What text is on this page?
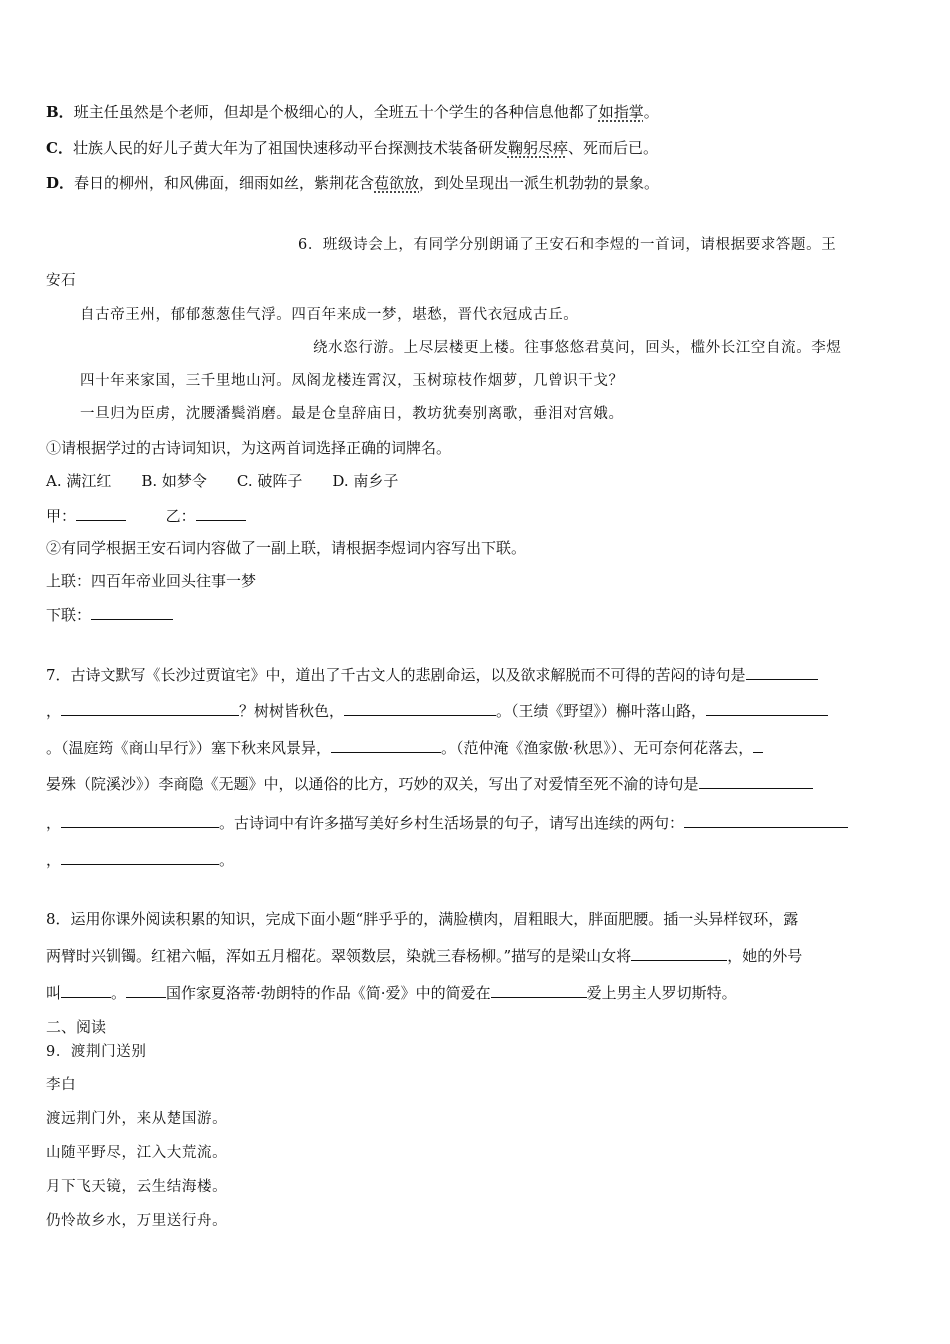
B．班主任虽然是个老师，但却是个极细心的人，全班五十个学生的各种信息他都了如指掌。
C．壮族人民的好儿子黄大年为了祖国快速移动平台探测技术装备研发鞠躬尽瘁、死而后已。
D．春日的柳州，和风佛面，细雨如丝，紫荆花含苞欲放，到处呈现出一派生机勃勃的景象。
6．班级诗会上，有同学分别朗诵了王安石和李煜的一首词，请根据要求答题。王
安石
自古帝王州，郁郁葱葱佳气浮。四百年来成一梦，堪愁，晋代衣冠成古丘。
绕水恣行游。上尽层楼更上楼。往事悠悠君莫问，回头，槛外长江空自流。李煜
四十年来家国，三千里地山河。凤阁龙楼连霄汉，玉树琼枝作烟萝，几曾识干戈？
一旦归为臣虏，沈腰潘鬓消磨。最是仓皇辞庙日，教坊犹奏别离歌，垂泪对宫娥。
①请根据学过的古诗词知识，为这两首词选择正确的词牌名。
A. 满江红　　B. 如梦令　　C. 破阵子　　D. 南乡子
甲：	乙：
②有同学根据王安石词内容做了一副上联，请根据李煜词内容写出下联。
上联：四百年帝业回头往事一梦
下联：
7．古诗文默写《长沙过贾谊宅》中，道出了千古文人的悲剧命运，以及欲求解脱而不可得的苦闷的诗句是
，	？树树皆秋色，	。（王绩《野望》）槲叶落山路，
。（温庭筠《商山早行》）塞下秋来风景异，	。（范仲淹《渔家傲·秋思》）、无可奈何花落去，
晏殊（院溪沙》）李商隐《无题》中，以通俗的比方，巧妙的双关，写出了对爱情至死不渝的诗句是
，	。古诗词中有许多描写美好乡村生活场景的句子，请写出连续的两句：
，	。
8．运用你课外阅读积累的知识，完成下面小题“胖乎乎的，满脸横肉，眉粗眼大，胖面肥腰。插一头异样钗环，露
两臂时兴钏镯。红裙六幅，浑如五月榴花。翠领数层，染就三春杨柳。”描写的是梁山女将	，她的外号
叫	。	国作家夏洛蒂·勃朗特的作品《简·爱》中的简爱在	爱上男主人罗切斯特。
二、阅读
9．渡荆门送别
李白
渡远荆门外，来从楚国游。
山随平野尽，江入大荒流。
月下飞天镜，云生结海楼。
仍怜故乡水，万里送行舟。
